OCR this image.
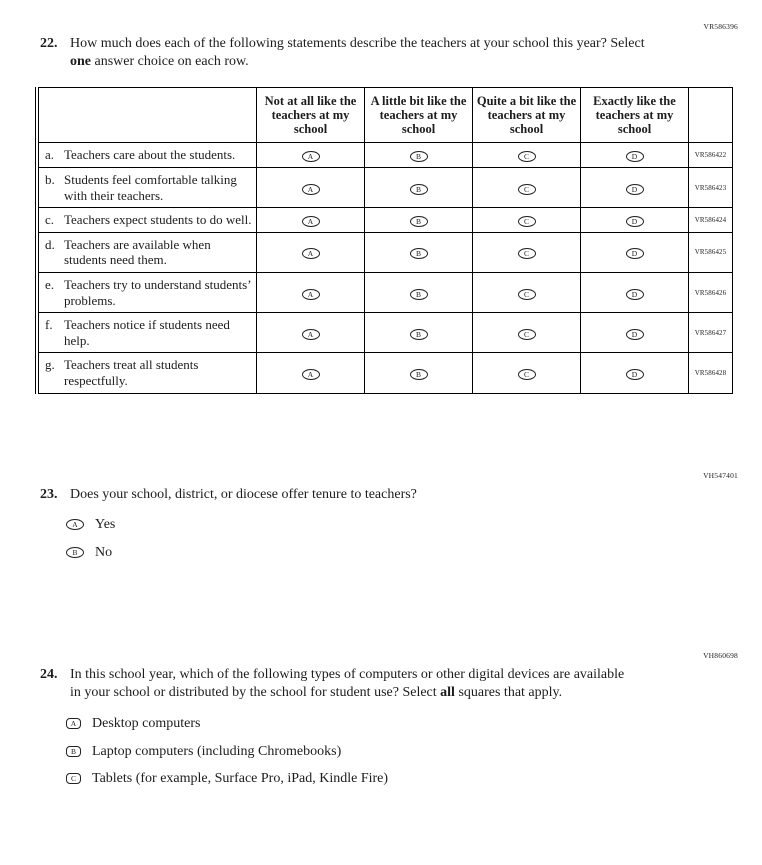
VR586396
22. How much does each of the following statements describe the teachers at your school this year? Select one answer choice on each row.
	Not at all like the teachers at my school	A little bit like the teachers at my school	Quite a bit like the teachers at my school	Exactly like the teachers at my school	

a. Teachers care about the students.	A	B	C	D	VR586422

b. Students feel comfortable talking with their teachers.	A	B	C	D	VR586423

c. Teachers expect students to do well.	A	B	C	D	VR586424

d. Teachers are available when students need them.	A	B	C	D	VR586425

e. Teachers try to understand students’ problems.	A	B	C	D	VR586426

f. Teachers notice if students need help.	A	B	C	D	VR586427

g. Teachers treat all students respectfully.	A	B	C	D	VR586428
VH547401
23. Does your school, district, or diocese offer tenure to teachers?
A	Yes
B	No
VH860698
24. In this school year, which of the following types of computers or other digital devices are available in your school or distributed by the school for student use? Select all squares that apply.
A	Desktop computers
B	Laptop computers (including Chromebooks)
C	Tablets (for example, Surface Pro, iPad, Kindle Fire)
